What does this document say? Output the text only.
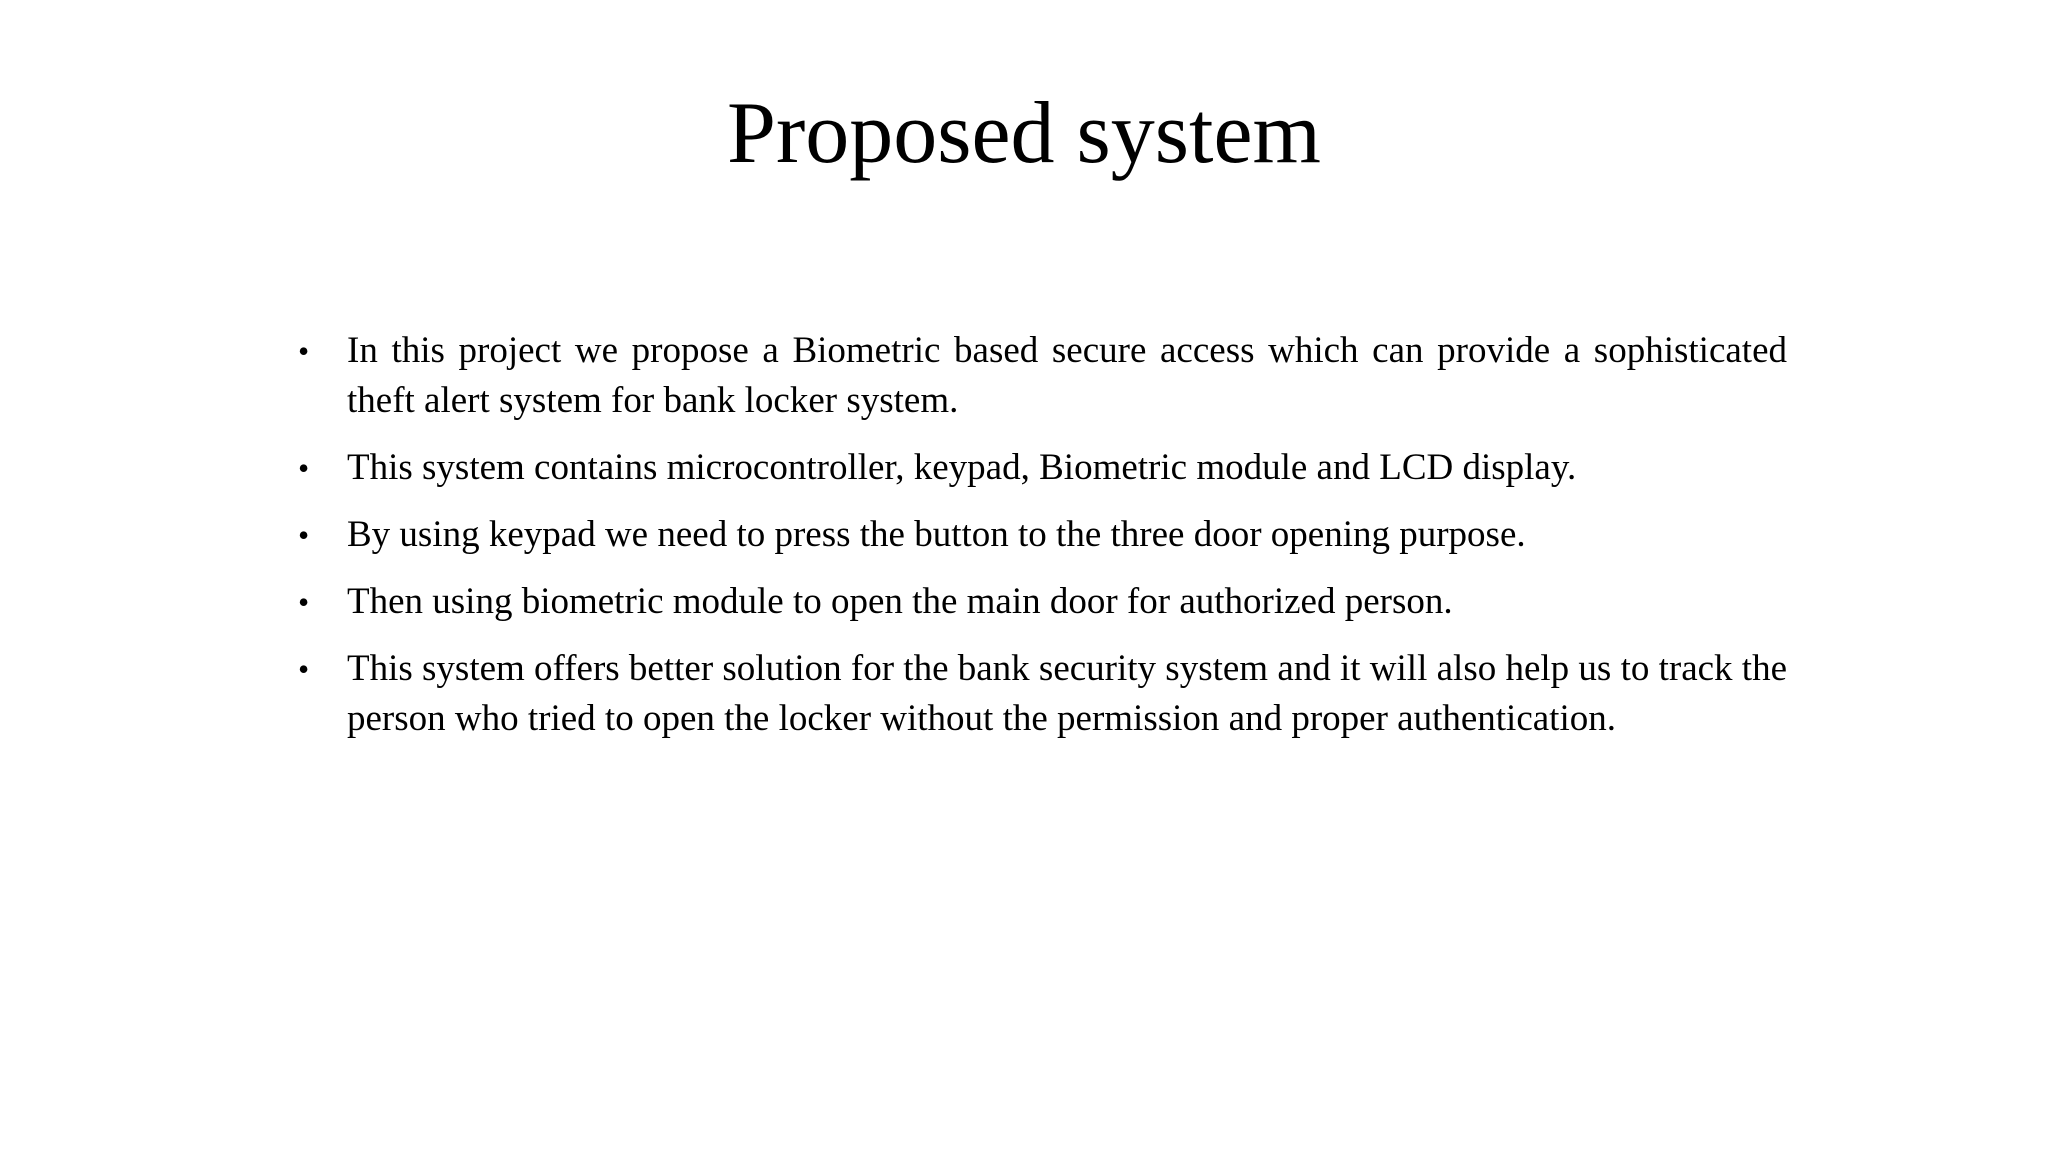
Proposed system
• In this project we propose a Biometric based secure access which can provide a sophisticated theft alert system for bank locker system.
• This system contains microcontroller, keypad, Biometric module and LCD display.
• By using keypad we need to press the button to the three door opening purpose.
• Then using biometric module to open the main door for authorized person.
• This system offers better solution for the bank security system and it will also help us to track the person who tried to open the locker without the permission and proper authentication.
